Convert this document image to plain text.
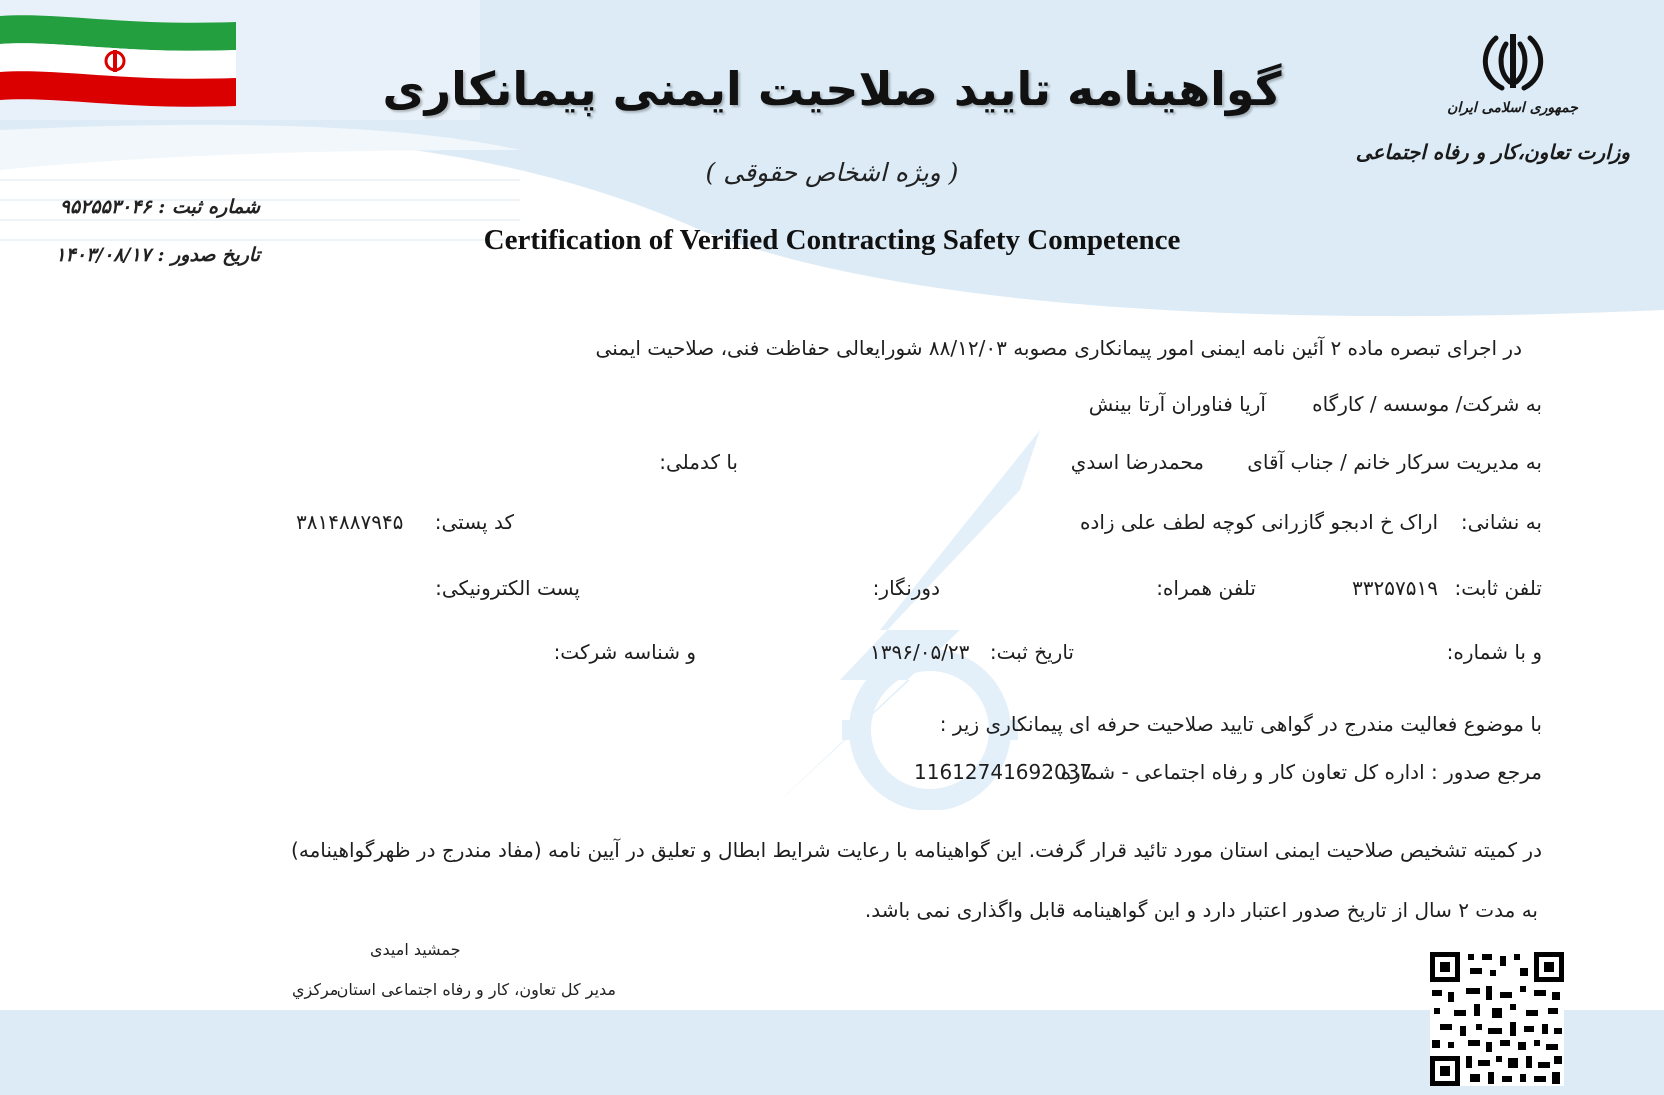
جمهوری اسلامی ایران
وزارت تعاون،کار و رفاه اجتماعی
گواهینامه تایید صلاحیت ایمنی پیمانکاری
( ویژه اشخاص حقوقی )
Certification of Verified Contracting Safety Competence
شماره ثبت : ۹۵۲۵۵۳۰۴۶
تاریخ صدور : ۱۴۰۳/۰۸/۱۷
در اجرای تبصره ماده ۲ آئین نامه ایمنی امور پیمانکاری مصوبه ۸۸/۱۲/۰۳ شورایعالی حفاظت فنی، صلاحیت ایمنی
به شرکت/ موسسه / کارگاه
آریا فناوران آرتا بینش
به مدیریت سرکار خانم / جناب آقای
محمدرضا اسدي
با کدملی:
به نشانی:
اراک خ ادبجو گازرانی کوچه لطف علی زاده
کد پستی:
۳۸۱۴۸۸۷۹۴۵
تلفن ثابت:
۳۳۲۵۷۵۱۹
تلفن همراه:
دورنگار:
پست الکترونیکی:
و با شماره:
تاریخ ثبت:
۱۳۹۶/۰۵/۲۳
و شناسه شرکت:
با موضوع فعالیت مندرج در گواهی تایید صلاحیت حرفه ای پیمانکاری زیر :
مرجع صدور : اداره کل تعاون کار و رفاه اجتماعی - شماره :
11612741692037
در کمیته تشخیص صلاحیت ایمنی استان مورد تائید قرار گرفت. این گواهینامه با رعایت شرایط ابطال و تعلیق در آیین نامه (مفاد مندرج در ظهرگواهینامه)
به مدت ۲ سال از تاریخ صدور اعتبار دارد و این گواهینامه قابل واگذاری نمی باشد.
جمشید امیدی
مدیر کل تعاون، کار و رفاه اجتماعی استان
مرکزي
